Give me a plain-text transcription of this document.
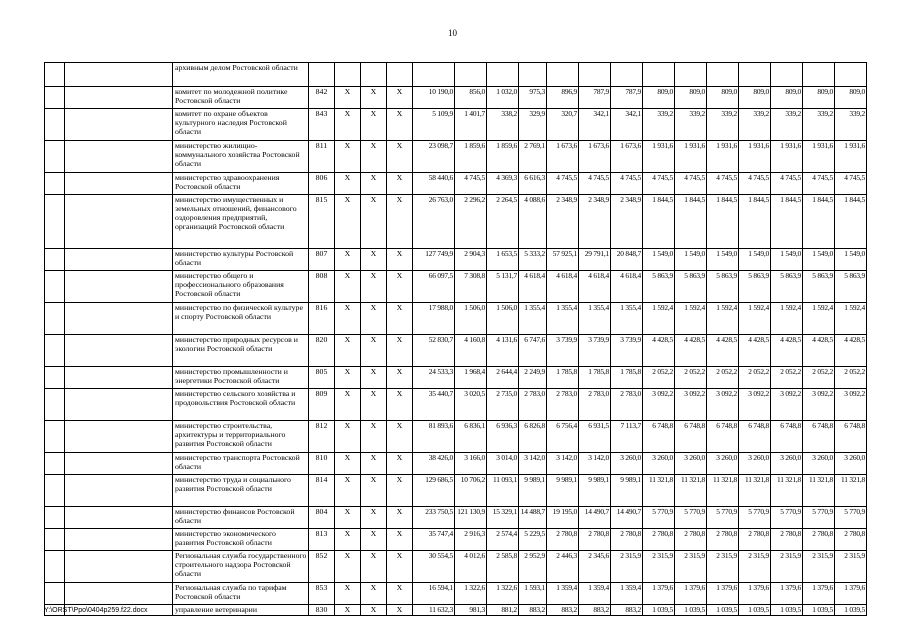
10
		архивным делом Ростовской области																		
		комитет по молодежной политике Ростовской области	842	X	X	X	10 190,0	856,0	1 032,0	975,3	896,9	787,9	787,9	809,0	809,0	809,0	809,0	809,0	809,0	809,0
		комитет по охране объектов культурного наследия Ростовской области	843	X	X	X	5 109,9	1 401,7	338,2	329,9	320,7	342,1	342,1	339,2	339,2	339,2	339,2	339,2	339,2	339,2
		министерство жилищно-коммунального хозяйства Ростовской области	811	X	X	X	23 098,7	1 859,6	1 859,6	2 769,1	1 673,6	1 673,6	1 673,6	1 931,6	1 931,6	1 931,6	1 931,6	1 931,6	1 931,6	1 931,6
		министерство здравоохранения Ростовской области	806	X	X	X	58 440,6	4 745,5	4 369,3	6 616,3	4 745,5	4 745,5	4 745,5	4 745,5	4 745,5	4 745,5	4 745,5	4 745,5	4 745,5	4 745,5
		министерство имущественных и земельных отношений, финансового оздоровления предприятий, организаций Ростовской области	815	X	X	X	26 763,0	2 296,2	2 264,5	4 088,6	2 348,9	2 348,9	2 348,9	1 844,5	1 844,5	1 844,5	1 844,5	1 844,5	1 844,5	1 844,5
		министерство культуры Ростовской области	807	X	X	X	127 749,9	2 904,3	1 653,5	5 333,2	57 925,1	29 791,1	20 848,7	1 549,0	1 549,0	1 549,0	1 549,0	1 549,0	1 549,0	1 549,0
		министерство общего и профессионального образования Ростовской области	808	X	X	X	66 097,5	7 308,8	5 131,7	4 618,4	4 618,4	4 618,4	4 618,4	5 863,9	5 863,9	5 863,9	5 863,9	5 863,9	5 863,9	5 863,9
		министерство по физической культуре и спорту Ростовской области	816	X	X	X	17 988,0	1 506,0	1 506,0	1 355,4	1 355,4	1 355,4	1 355,4	1 592,4	1 592,4	1 592,4	1 592,4	1 592,4	1 592,4	1 592,4
		министерство природных ресурсов и экологии Ростовской области	820	X	X	X	52 830,7	4 160,8	4 131,6	6 747,6	3 739,9	3 739,9	3 739,9	4 428,5	4 428,5	4 428,5	4 428,5	4 428,5	4 428,5	4 428,5
		министерство промышленности и энергетики Ростовской области	805	X	X	X	24 533,3	1 968,4	2 644,4	2 249,9	1 785,8	1 785,8	1 785,8	2 052,2	2 052,2	2 052,2	2 052,2	2 052,2	2 052,2	2 052,2
		министерство сельского хозяйства и продовольствия Ростовской области	809	X	X	X	35 440,7	3 020,5	2 735,0	2 783,0	2 783,0	2 783,0	2 783,0	3 092,2	3 092,2	3 092,2	3 092,2	3 092,2	3 092,2	3 092,2
		министерство строительства, архитектуры и территориального развития Ростовской области	812	X	X	X	81 893,6	6 836,1	6 936,3	6 826,8	6 756,4	6 931,5	7 113,7	6 748,8	6 748,8	6 748,8	6 748,8	6 748,8	6 748,8	6 748,8
		министерство транспорта Ростовской области	810	X	X	X	38 426,0	3 166,0	3 014,0	3 142,0	3 142,0	3 142,0	3 260,0	3 260,0	3 260,0	3 260,0	3 260,0	3 260,0	3 260,0	3 260,0
		министерство труда и социального развития Ростовской области	814	X	X	X	129 686,5	10 706,2	11 093,1	9 989,1	9 989,1	9 989,1	9 989,1	11 321,8	11 321,8	11 321,8	11 321,8	11 321,8	11 321,8	11 321,8
		министерство финансов Ростовской области	804	X	X	X	233 750,5	121 130,9	15 329,1	14 488,7	19 195,0	14 490,7	14 490,7	5 770,9	5 770,9	5 770,9	5 770,9	5 770,9	5 770,9	5 770,9
		министерство экономического развития Ростовской области	813	X	X	X	35 747,4	2 916,3	2 574,4	5 229,5	2 780,8	2 780,8	2 780,8	2 780,8	2 780,8	2 780,8	2 780,8	2 780,8	2 780,8	2 780,8
		Региональная служба государственного строительного надзора Ростовской области	852	X	X	X	30 554,5	4 012,6	2 585,8	2 952,9	2 446,3	2 345,6	2 315,9	2 315,9	2 315,9	2 315,9	2 315,9	2 315,9	2 315,9	2 315,9
		Региональная служба по тарифам Ростовской области	853	X	X	X	16 594,1	1 322,6	1 322,6	1 593,1	1 359,4	1 359,4	1 359,4	1 379,6	1 379,6	1 379,6	1 379,6	1 379,6	1 379,6	1 379,6
		управление ветеринарии	830	X	X	X	11 632,3	981,3	881,2	883,2	883,2	883,2	883,2	1 039,5	1 039,5	1 039,5	1 039,5	1 039,5	1 039,5	1 039,5
Y:\ORST\Ppo\0404p259.f22.docx
